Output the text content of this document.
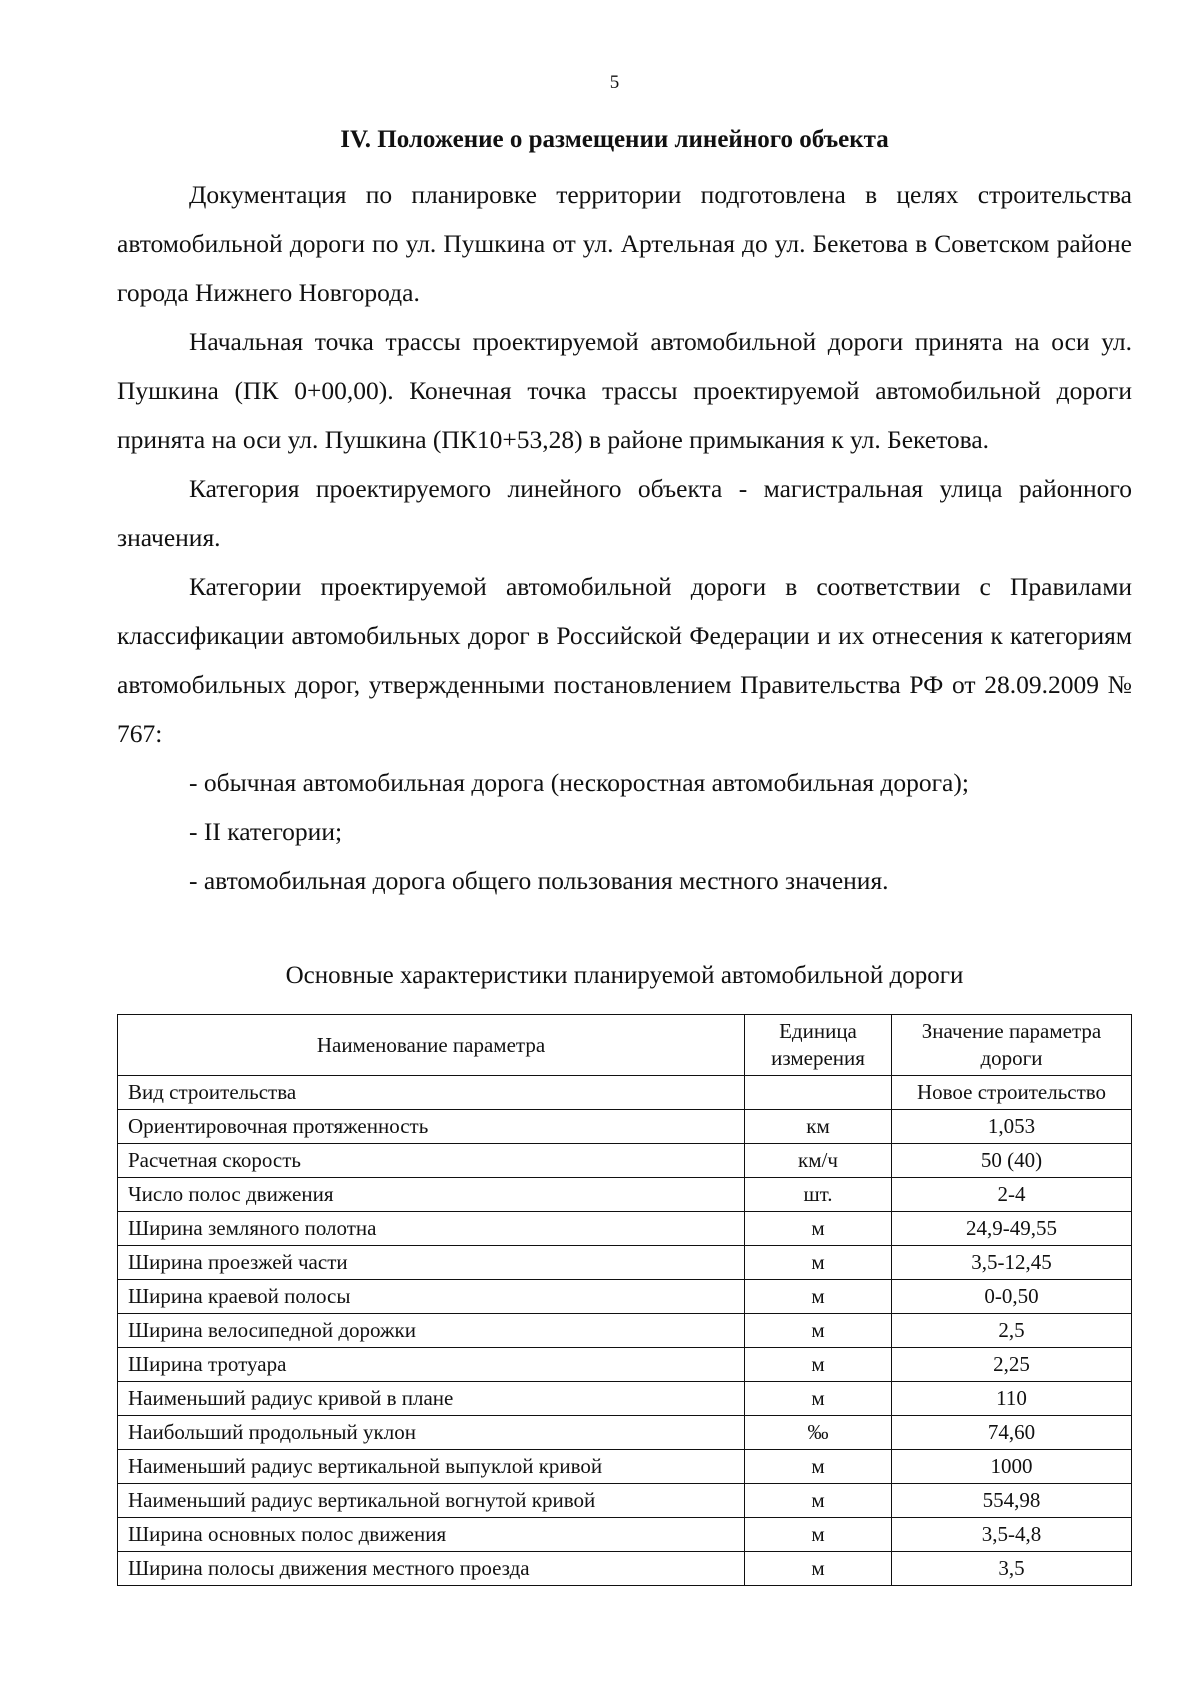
5
IV. Положение о размещении линейного объекта

Документация по планировке территории подготовлена в целях строительства автомобильной дороги по ул. Пушкина от ул. Артельная до ул. Бекетова в Советском районе города Нижнего Новгорода.

Начальная точка трассы проектируемой автомобильной дороги принята на оси ул. Пушкина (ПК 0+00,00). Конечная точка трассы проектируемой автомобильной дороги принята на оси ул. Пушкина (ПК10+53,28) в районе примыкания к ул. Бекетова.

Категория проектируемого линейного объекта - магистральная улица районного значения.

Категории проектируемой автомобильной дороги в соответствии с Правилами классификации автомобильных дорог в Российской Федерации и их отнесения к категориям автомобильных дорог, утвержденными постановлением Правительства РФ от 28.09.2009 № 767:

- обычная автомобильная дорога (нескоростная автомобильная дорога);

- II категории;

- автомобильная дорога общего пользования местного значения.

Основные характеристики планируемой автомобильной дороги
Наименование параметра	Единица измерения	Значение параметра дороги
Вид строительства		Новое строительство
Ориентировочная протяженность	км	1,053
Расчетная скорость	км/ч	50 (40)
Число полос движения	шт.	2-4
Ширина земляного полотна	м	24,9-49,55
Ширина проезжей части	м	3,5-12,45
Ширина краевой полосы	м	0-0,50
Ширина велосипедной дорожки	м	2,5
Ширина тротуара	м	2,25
Наименьший радиус кривой в плане	м	110
Наибольший продольный уклон	‰	74,60
Наименьший радиус вертикальной выпуклой кривой	м	1000
Наименьший радиус вертикальной вогнутой кривой	м	554,98
Ширина основных полос движения	м	3,5-4,8
Ширина полосы движения местного проезда	м	3,5
